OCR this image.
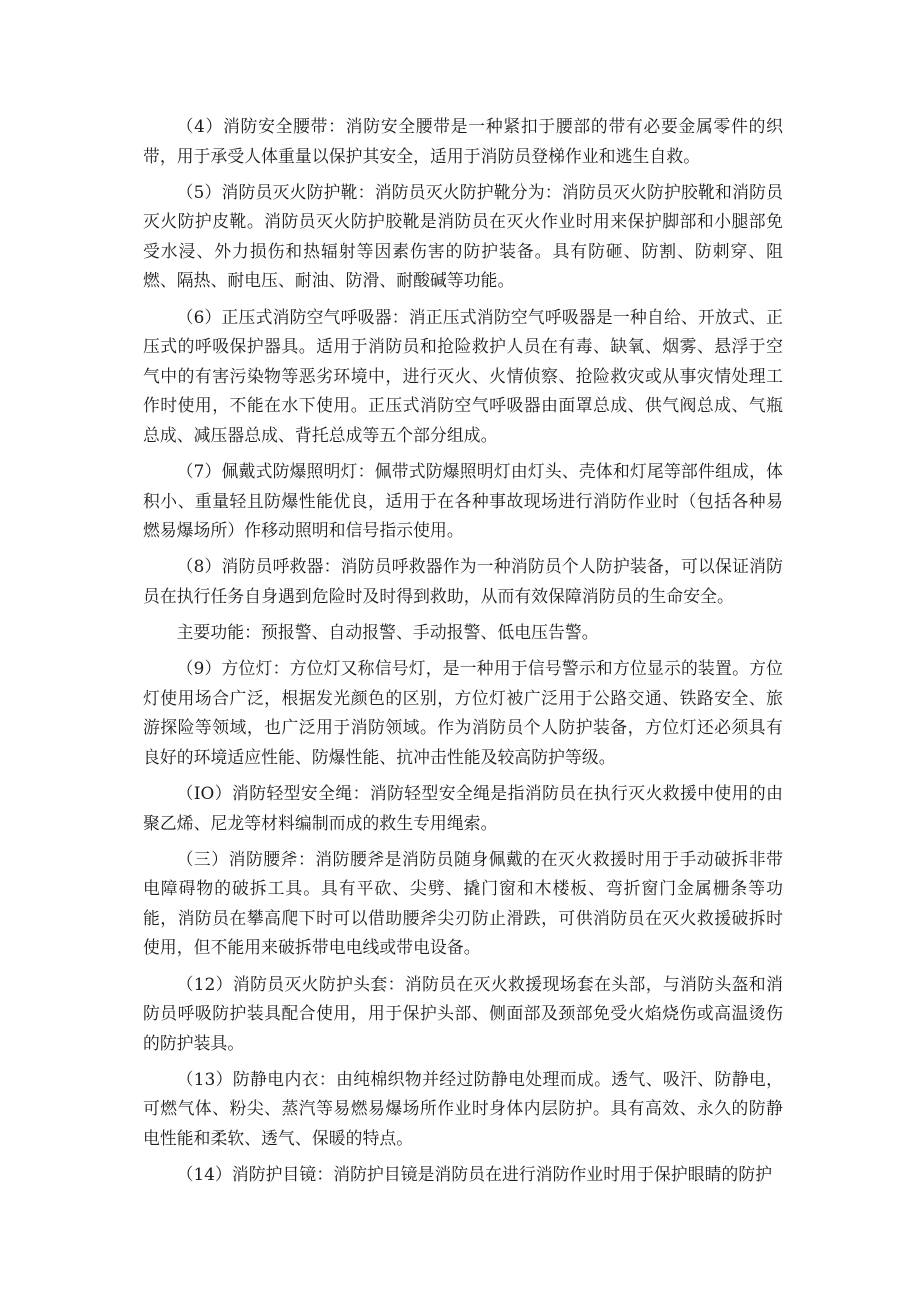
（4）消防安全腰带：消防安全腰带是一种紧扣于腰部的带有必要金属零件的织带，用于承受人体重量以保护其安全，适用于消防员登梯作业和逃生自救。

（5）消防员灭火防护靴：消防员灭火防护靴分为：消防员灭火防护胶靴和消防员灭火防护皮靴。消防员灭火防护胶靴是消防员在灭火作业时用来保护脚部和小腿部免受水浸、外力损伤和热辐射等因素伤害的防护装备。具有防砸、防割、防刺穿、阻燃、隔热、耐电压、耐油、防滑、耐酸碱等功能。

（6）正压式消防空气呼吸器：消正压式消防空气呼吸器是一种自给、开放式、正压式的呼吸保护器具。适用于消防员和抢险救护人员在有毒、缺氧、烟雾、悬浮于空气中的有害污染物等恶劣环境中，进行灭火、火情侦察、抢险救灾或从事灾情处理工作时使用，不能在水下使用。正压式消防空气呼吸器由面罩总成、供气阀总成、气瓶总成、减压器总成、背托总成等五个部分组成。

（7）佩戴式防爆照明灯：佩带式防爆照明灯由灯头、壳体和灯尾等部件组成，体积小、重量轻且防爆性能优良，适用于在各种事故现场进行消防作业时（包括各种易燃易爆场所）作移动照明和信号指示使用。

（8）消防员呼救器：消防员呼救器作为一种消防员个人防护装备，可以保证消防员在执行任务自身遇到危险时及时得到救助，从而有效保障消防员的生命安全。

主要功能：预报警、自动报警、手动报警、低电压告警。

（9）方位灯：方位灯又称信号灯，是一种用于信号警示和方位显示的装置。方位灯使用场合广泛，根据发光颜色的区别，方位灯被广泛用于公路交通、铁路安全、旅游探险等领域，也广泛用于消防领域。作为消防员个人防护装备，方位灯还必须具有良好的环境适应性能、防爆性能、抗冲击性能及较高防护等级。

（IO）消防轻型安全绳：消防轻型安全绳是指消防员在执行灭火救援中使用的由聚乙烯、尼龙等材料编制而成的救生专用绳索。

（三）消防腰斧：消防腰斧是消防员随身佩戴的在灭火救援时用于手动破拆非带电障碍物的破拆工具。具有平砍、尖劈、撬门窗和木楼板、弯折窗门金属栅条等功能，消防员在攀高爬下时可以借助腰斧尖刃防止滑跌，可供消防员在灭火救援破拆时使用，但不能用来破拆带电电线或带电设备。

（12）消防员灭火防护头套：消防员在灭火救援现场套在头部，与消防头盔和消防员呼吸防护装具配合使用，用于保护头部、侧面部及颈部免受火焰烧伤或高温烫伤的防护装具。

（13）防静电内衣：由纯棉织物并经过防静电处理而成。透气、吸汗、防静电，可燃气体、粉尖、蒸汽等易燃易爆场所作业时身体内层防护。具有高效、永久的防静电性能和柔软、透气、保暖的特点。

（14）消防护目镜：消防护目镜是消防员在进行消防作业时用于保护眼睛的防护
